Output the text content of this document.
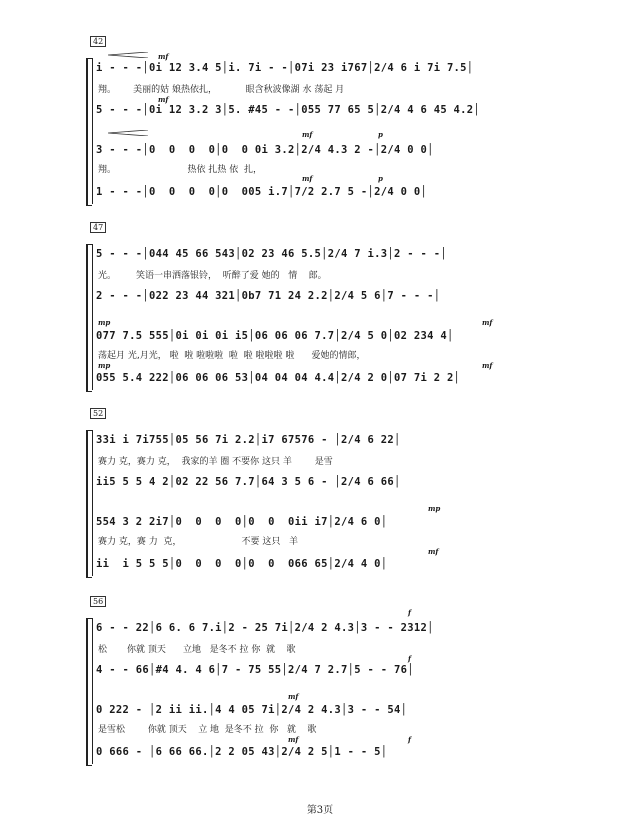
42
mf
i - - -│0i 12 3.4 5│i. 7i - -│07i 23 i767│2/4 6 i 7i 7.5│
翔。      美丽的姑 娘热依扎，          眼含秋波像湖 水 荡起 月
mf
5 - - -│0i 12 3.2 3│5. #45 - -│055 77 65 5│2/4 4 6 45 4.2│
mf	p
3 - - -│0  0  0  0│0  0 0i 3.2│2/4 4.3 2 -│2/4 0 0│
翔。                         热依 扎热 依  扎，
mf	p
1 - - -│0  0  0  0│0  005 i.7│7/2 2.7 5 -│2/4 0 0│
47
5 - - -│044 45 66 543│02 23 46 5.5│2/4 7 i.3│2 - - -│
光。       笑语一串洒落银铃，  听醉了爱 她的   情    郎。
2 - - -│022 23 44 321│0b7 71 24 2.2│2/4 5 6│7 - - -│
mp	mf
077 7.5 555│0i 0i 0i i5│06 06 06 7.7│2/4 5 0│02 234 4│
荡起月 光,月光， 啦  啦 啦啦啦  啦  啦 啦啦啦 啦      爱她的情郎，
mp	mf
055 5.4 222│06 06 06 53│04 04 04 4.4│2/4 2 0│07 7i 2 2│
52
33i i 7i755│05 56 7i 2.2│i7 67576 - │2/4 6 22│
赛力 克，赛力 克，  我家的羊 圈 不要你 这只 羊        是雪
ii5 5 5 4 2│02 22 56 7.7│64 3 5 6 - │2/4 6 66│
mp
554 3 2 2i7│0  0  0  0│0  0  0ii i7│2/4 6 0│
赛力 克，赛 力  克，                     不要 这只   羊
mf
ii  i 5 5 5│0  0  0  0│0  0  066 65│2/4 4 0│
56
f
6 - - 22│6 6. 6 7.i│2 - 25 7i│2/4 2 4.3│3 - - 2312│
松       你就 顶天      立地   是冬不 拉 你  就    歌
f
4 - - 66│#4 4. 4 6│7 - 75 55│2/4 7 2.7│5 - - 76│
mf
0 222 - │2 ii ii.│4 4 05 7i│2/4 2 4.3│3 - - 54│
是雪松        你就 顶天    立 地  是冬不 拉  你   就    歌
mf	f
0 666 - │6 66 66.│2 2 05 43│2/4 2 5│1 - - 5│
第3页
